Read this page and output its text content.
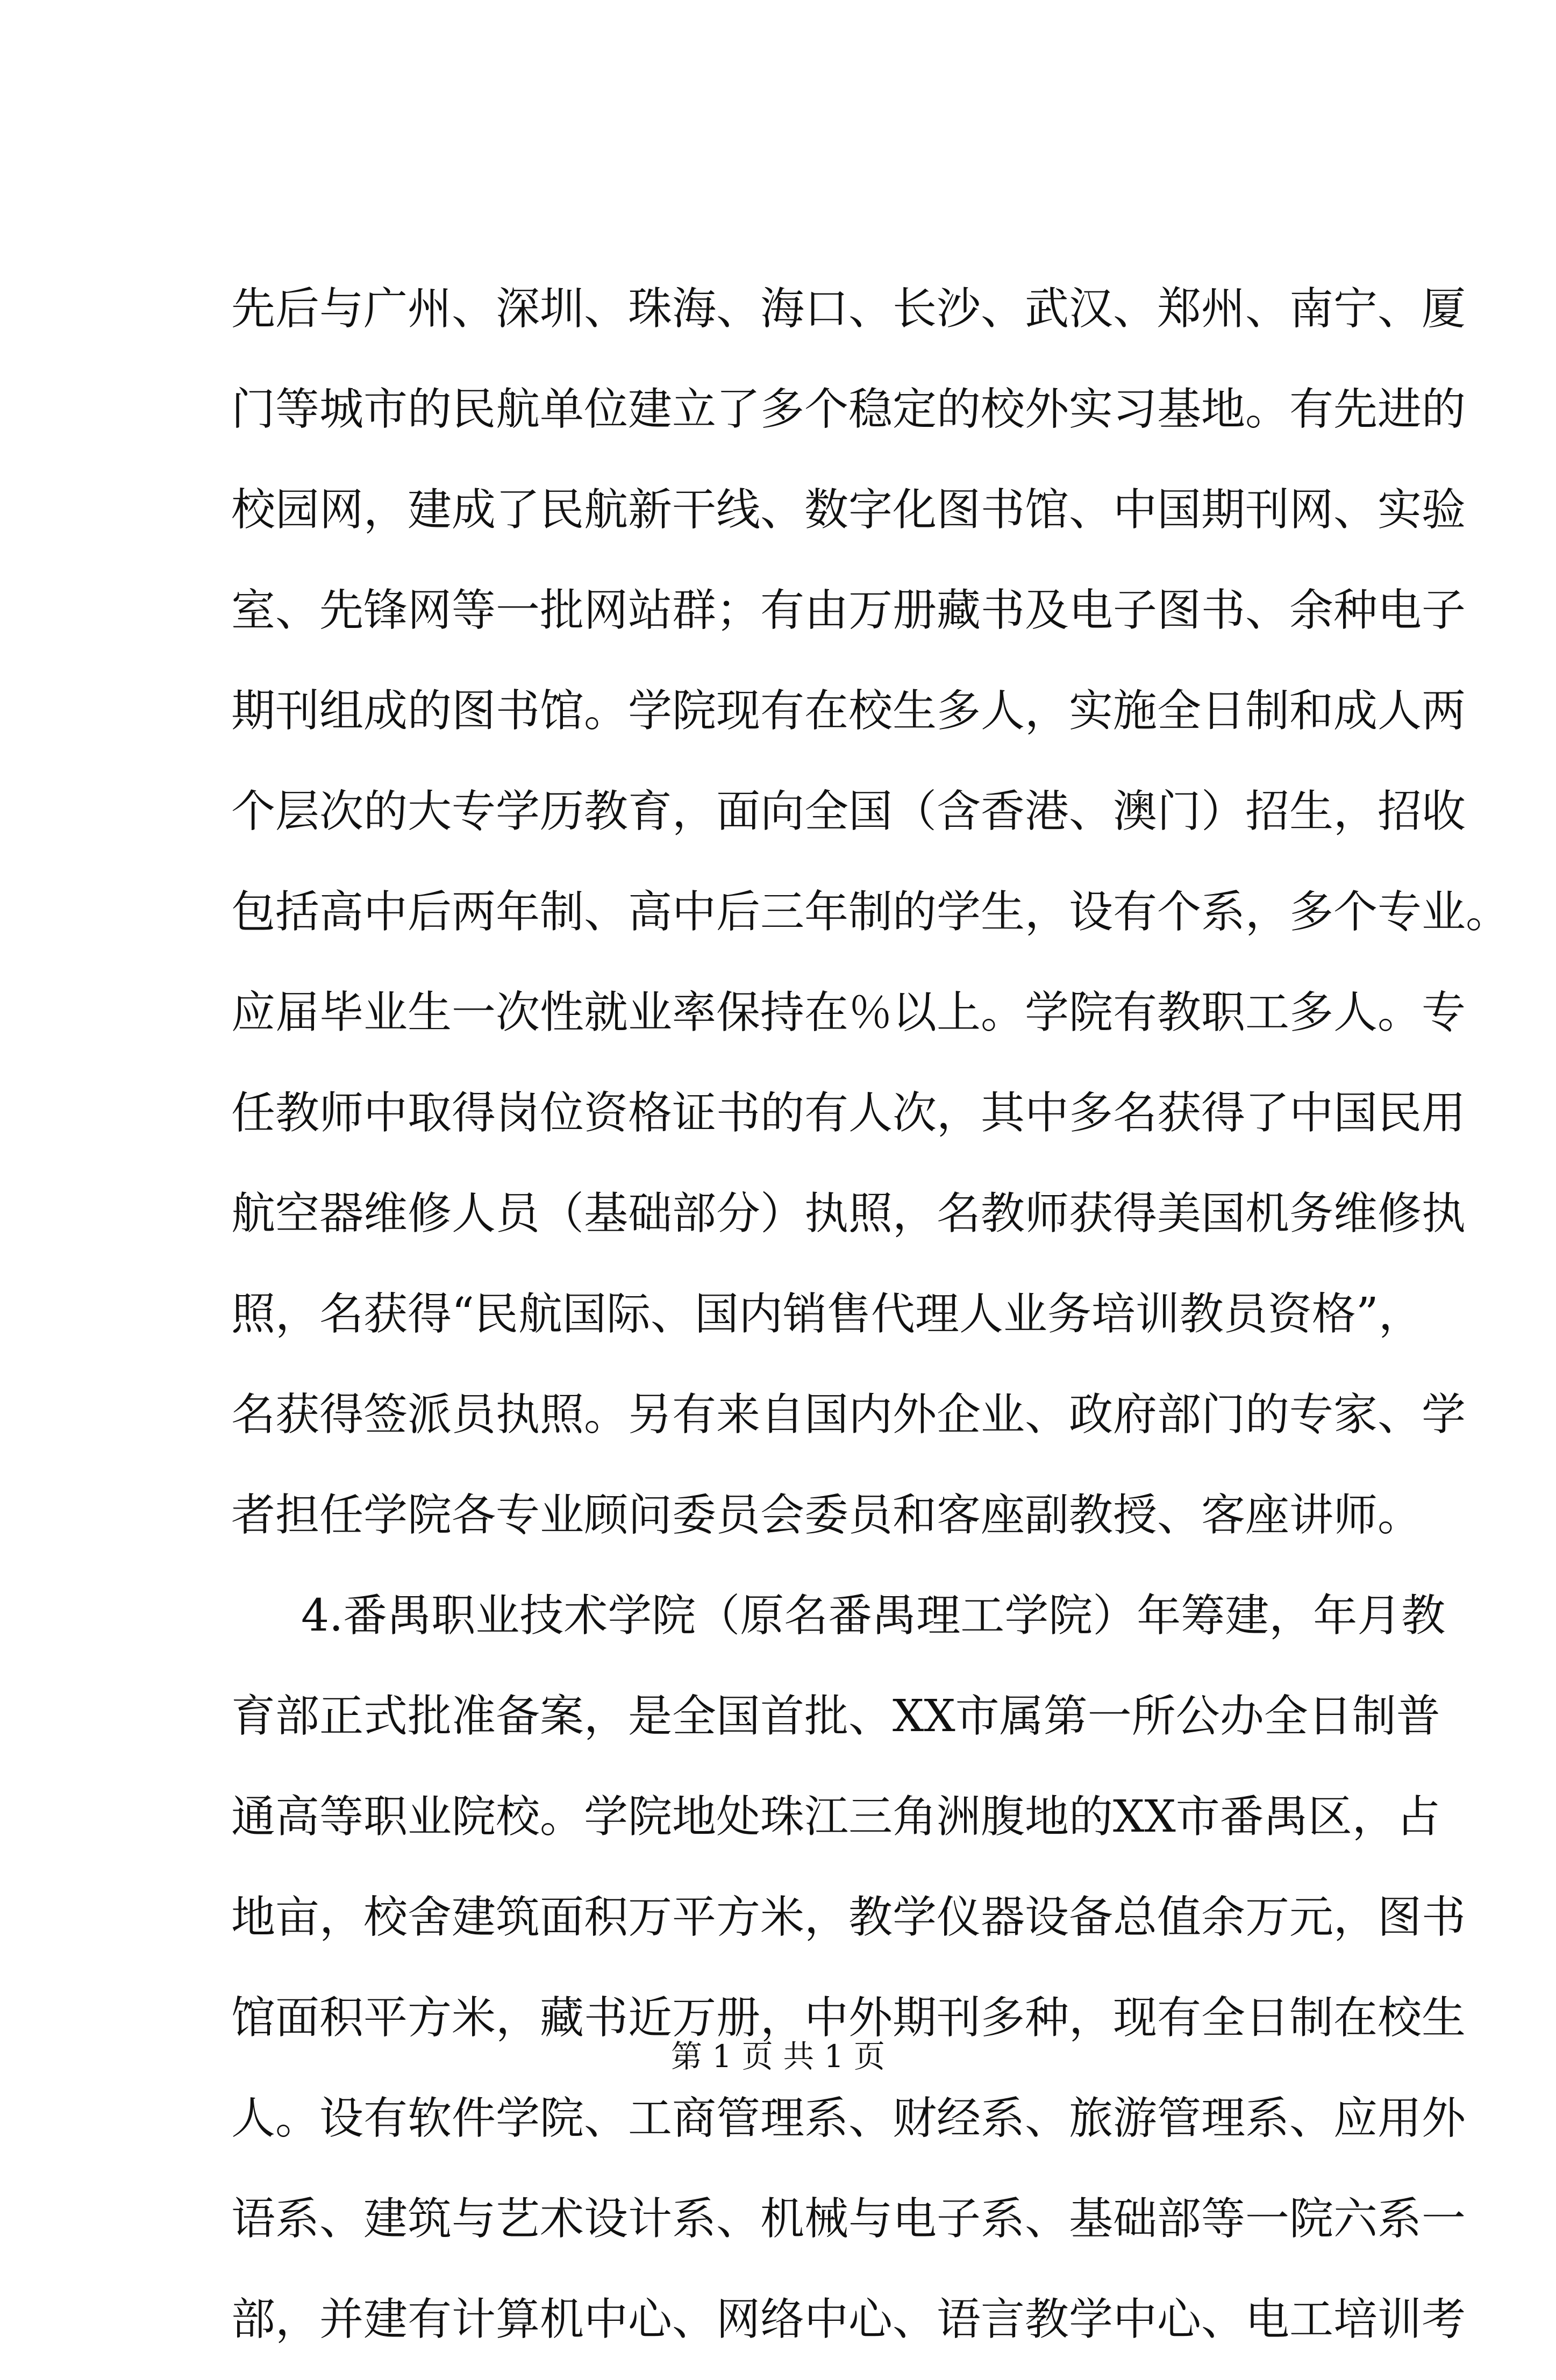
先后与广州、深圳、珠海、海口、长沙、武汉、郑州、南宁、厦
门等城市的民航单位建立了多个稳定的校外实习基地。有先进的
校园网，建成了民航新干线、数字化图书馆、中国期刊网、实验
室、先锋网等一批网站群；有由万册藏书及电子图书、余种电子
期刊组成的图书馆。学院现有在校生多人，实施全日制和成人两
个层次的大专学历教育，面向全国（含香港、澳门）招生，招收
包括高中后两年制、高中后三年制的学生，设有个系，多个专业。
应届毕业生一次性就业率保持在％以上。学院有教职工多人。专
任教师中取得岗位资格证书的有人次，其中多名获得了中国民用
航空器维修人员（基础部分）执照，名教师获得美国机务维修执
照，名获得“民航国际、国内销售代理人业务培训教员资格”，
名获得签派员执照。另有来自国内外企业、政府部门的专家、学
者担任学院各专业顾问委员会委员和客座副教授、客座讲师。
4.番禺职业技术学院（原名番禺理工学院）年筹建，年月教
育部正式批准备案，是全国首批、XX市属第一所公办全日制普
通高等职业院校。学院地处珠江三角洲腹地的XX市番禺区，占
地亩，校舍建筑面积万平方米，教学仪器设备总值余万元，图书
馆面积平方米，藏书近万册，中外期刊多种，现有全日制在校生
人。设有软件学院、工商管理系、财经系、旅游管理系、应用外
语系、建筑与艺术设计系、机械与电子系、基础部等一院六系一
部，并建有计算机中心、网络中心、语言教学中心、电工培训考
第 1 页 共 1 页
